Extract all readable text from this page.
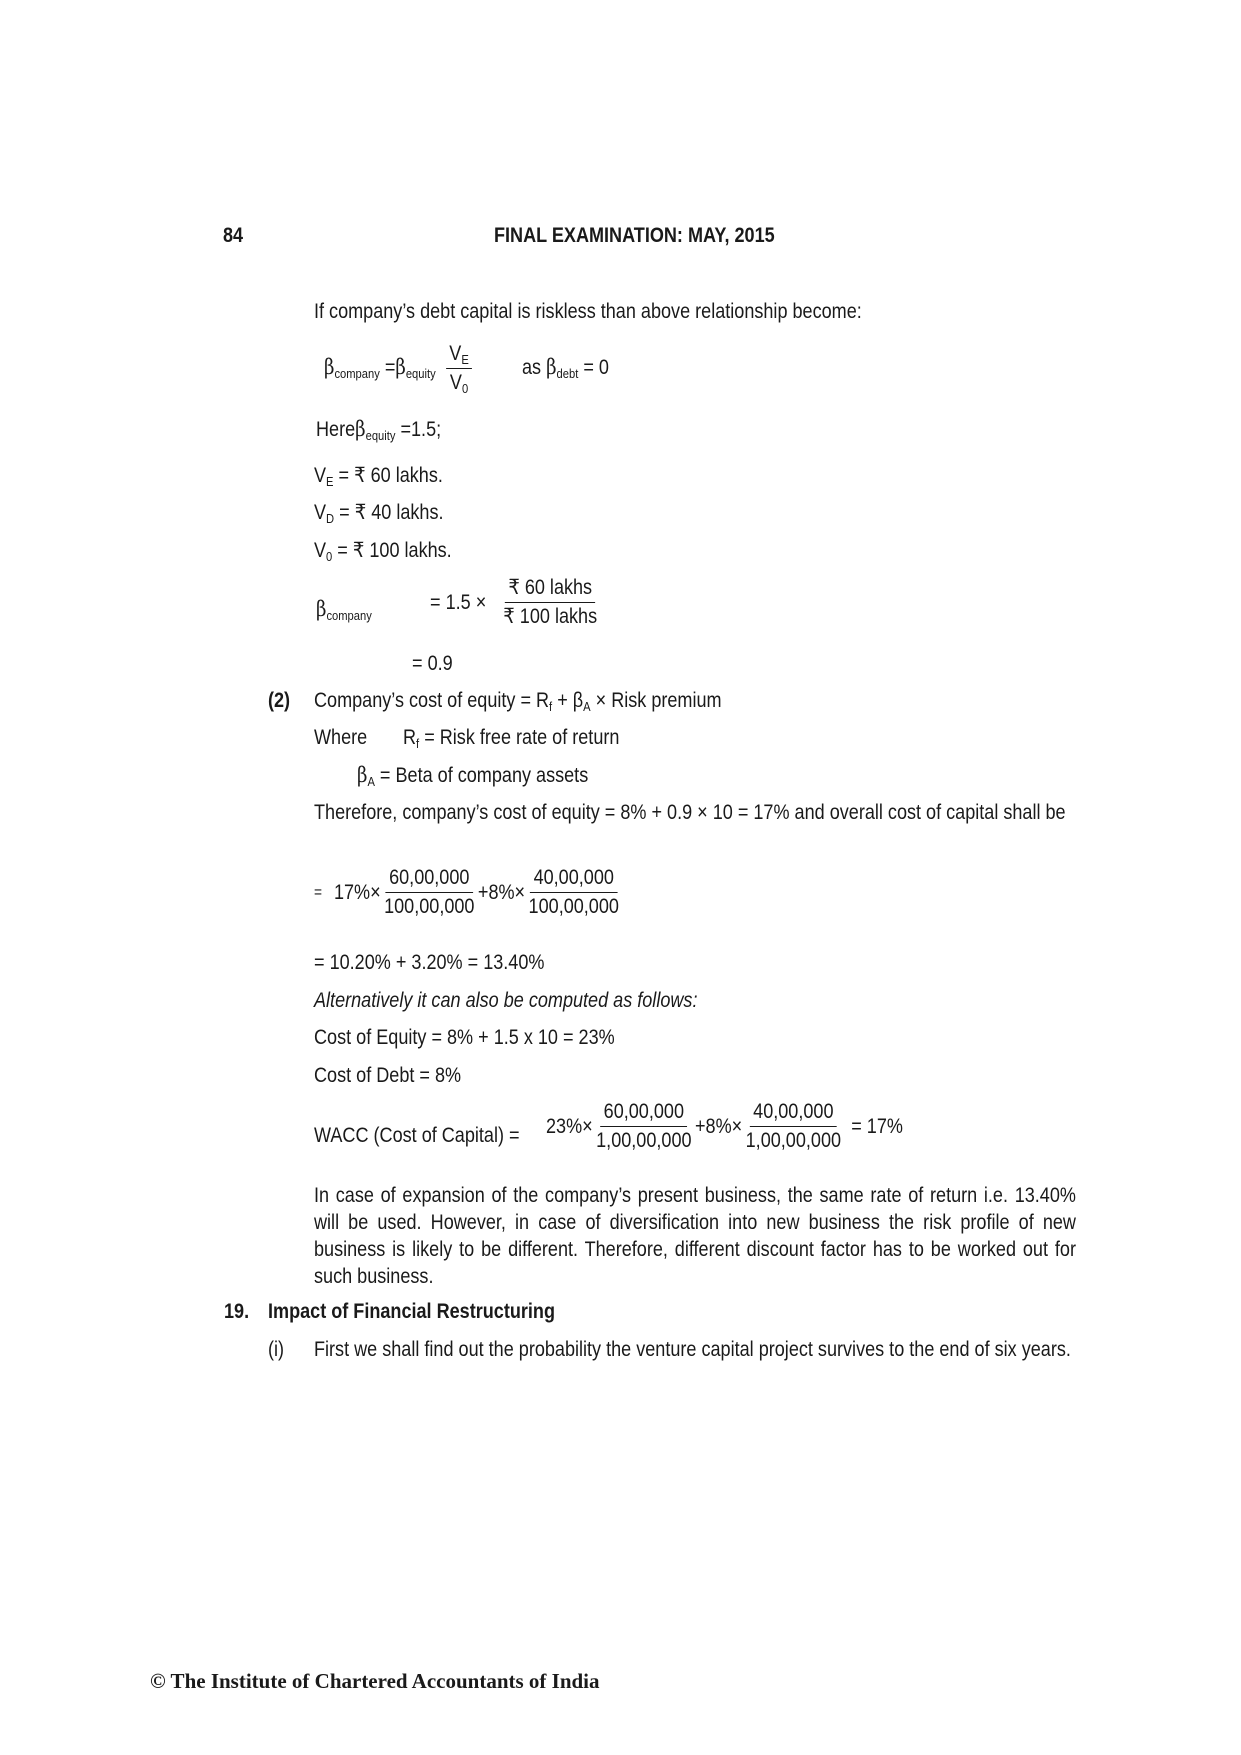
84	FINAL EXAMINATION: MAY, 2015
If company’s debt capital is riskless than above relationship become:
$\beta_{company} =\beta_{equity} \frac{V_E}{V_0}$ as $\beta_{debt} = 0$
Hereβ$_{equity}$ =1.5;
$V_E$ = ₹ 60 lakhs.
$V_D$ = ₹ 40 lakhs.
$V_0$ = ₹ 100 lakhs.
$\beta_{company}$
= $1.5 \times \frac{\text{₹ 60 lakhs}}{\text{₹ 100 lakhs}}$
= 0.9
(2) Company’s cost of equity = $R_f + \beta_A$ × Risk premium
Where	$R_f$ = Risk free rate of return
$\beta_A$ = Beta of company assets
Therefore, company’s cost of equity = 8% + 0.9 × 10 = 17% and overall cost of capital shall be
= $17\%\times \frac{60,00,000}{100,00,000} +8\%\times \frac{40,00,000}{100,00,000}$
= 10.20% + 3.20% = 13.40%
Alternatively it can also be computed as follows:
Cost of Equity = 8% + 1.5 x 10 = 23%
Cost of Debt = 8%
WACC (Cost of Capital) =	$23\%\times \frac{60,00,000}{1,00,00,000} +8\%\times \frac{40,00,000}{1,00,00,000} = 17\%$
In case of expansion of the company’s present business, the same rate of return i.e. 13.40% will be used. However, in case of diversification into new business the risk profile of new business is likely to be different. Therefore, different discount factor has to be worked out for such business.
19. Impact of Financial Restructuring
(i) First we shall find out the probability the venture capital project survives to the end of six years.
© The Institute of Chartered Accountants of India
